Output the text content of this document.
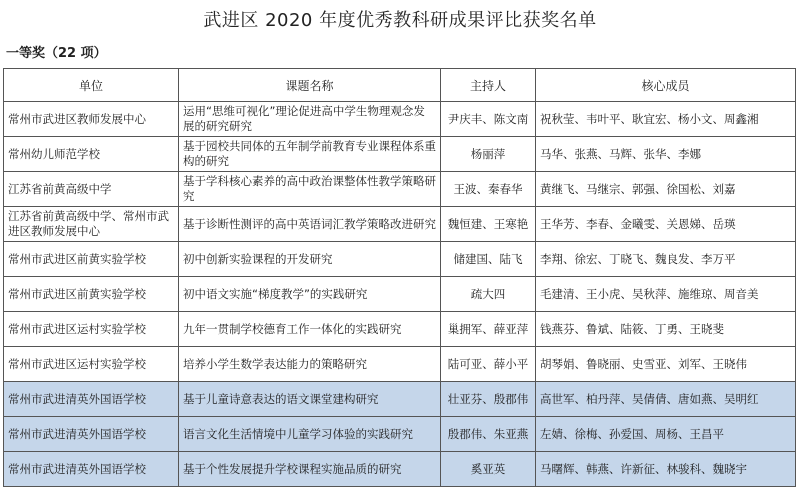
武进区 2020 年度优秀教科研成果评比获奖名单
一等奖（22 项）
单位	课题名称	主持人	核心成员
常州市武进区教师发展中心	运用“思维可视化”理论促进高中学生物理观念发展的研究研究	尹庆丰、陈文南	祝秋莹、韦叶平、耿宜宏、杨小文、周鑫湘
常州幼儿师范学校	基于园校共同体的五年制学前教育专业课程体系重构的研究	杨丽萍	马华、张燕、马辉、张华、李娜
江苏省前黄高级中学	基于学科核心素养的高中政治课整体性教学策略研究	王波、秦春华	黄继飞、马继宗、郭强、徐国松、刘嘉
江苏省前黄高级中学、常州市武进区教师发展中心	基于诊断性测评的高中英语词汇教学策略改进研究	魏恒建、王寒艳	王华芳、李春、金曦雯、关恩娣、岳瑛
常州市武进区前黄实验学校	初中创新实验课程的开发研究	储建国、陆飞	李翔、徐宏、丁晓飞、魏良发、李万平
常州市武进区前黄实验学校	初中语文实施“梯度教学”的实践研究	疏大四	毛建清、王小虎、吴秋萍、施维琼、周音美
常州市武进区运村实验学校	九年一贯制学校德育工作一体化的实践研究	巢拥军、薛亚萍	钱燕芬、鲁斌、陆筱、丁勇、王晓斐
常州市武进区运村实验学校	培养小学生数学表达能力的策略研究	陆可亚、薛小平	胡琴娟、鲁晓丽、史雪亚、刘军、王晓伟
常州市武进清英外国语学校	基于儿童诗意表达的语文课堂建构研究	壮亚芬、殷郡伟	高世军、柏丹萍、吴倩倩、唐如燕、吴明红
常州市武进清英外国语学校	语言文化生活情境中儿童学习体验的实践研究	殷郡伟、朱亚燕	左婧、徐梅、孙爱国、周杨、王昌平
常州市武进清英外国语学校	基于个性发展提升学校课程实施品质的研究	奚亚英	马曙辉、韩燕、许新征、林骏科、魏晓宇
